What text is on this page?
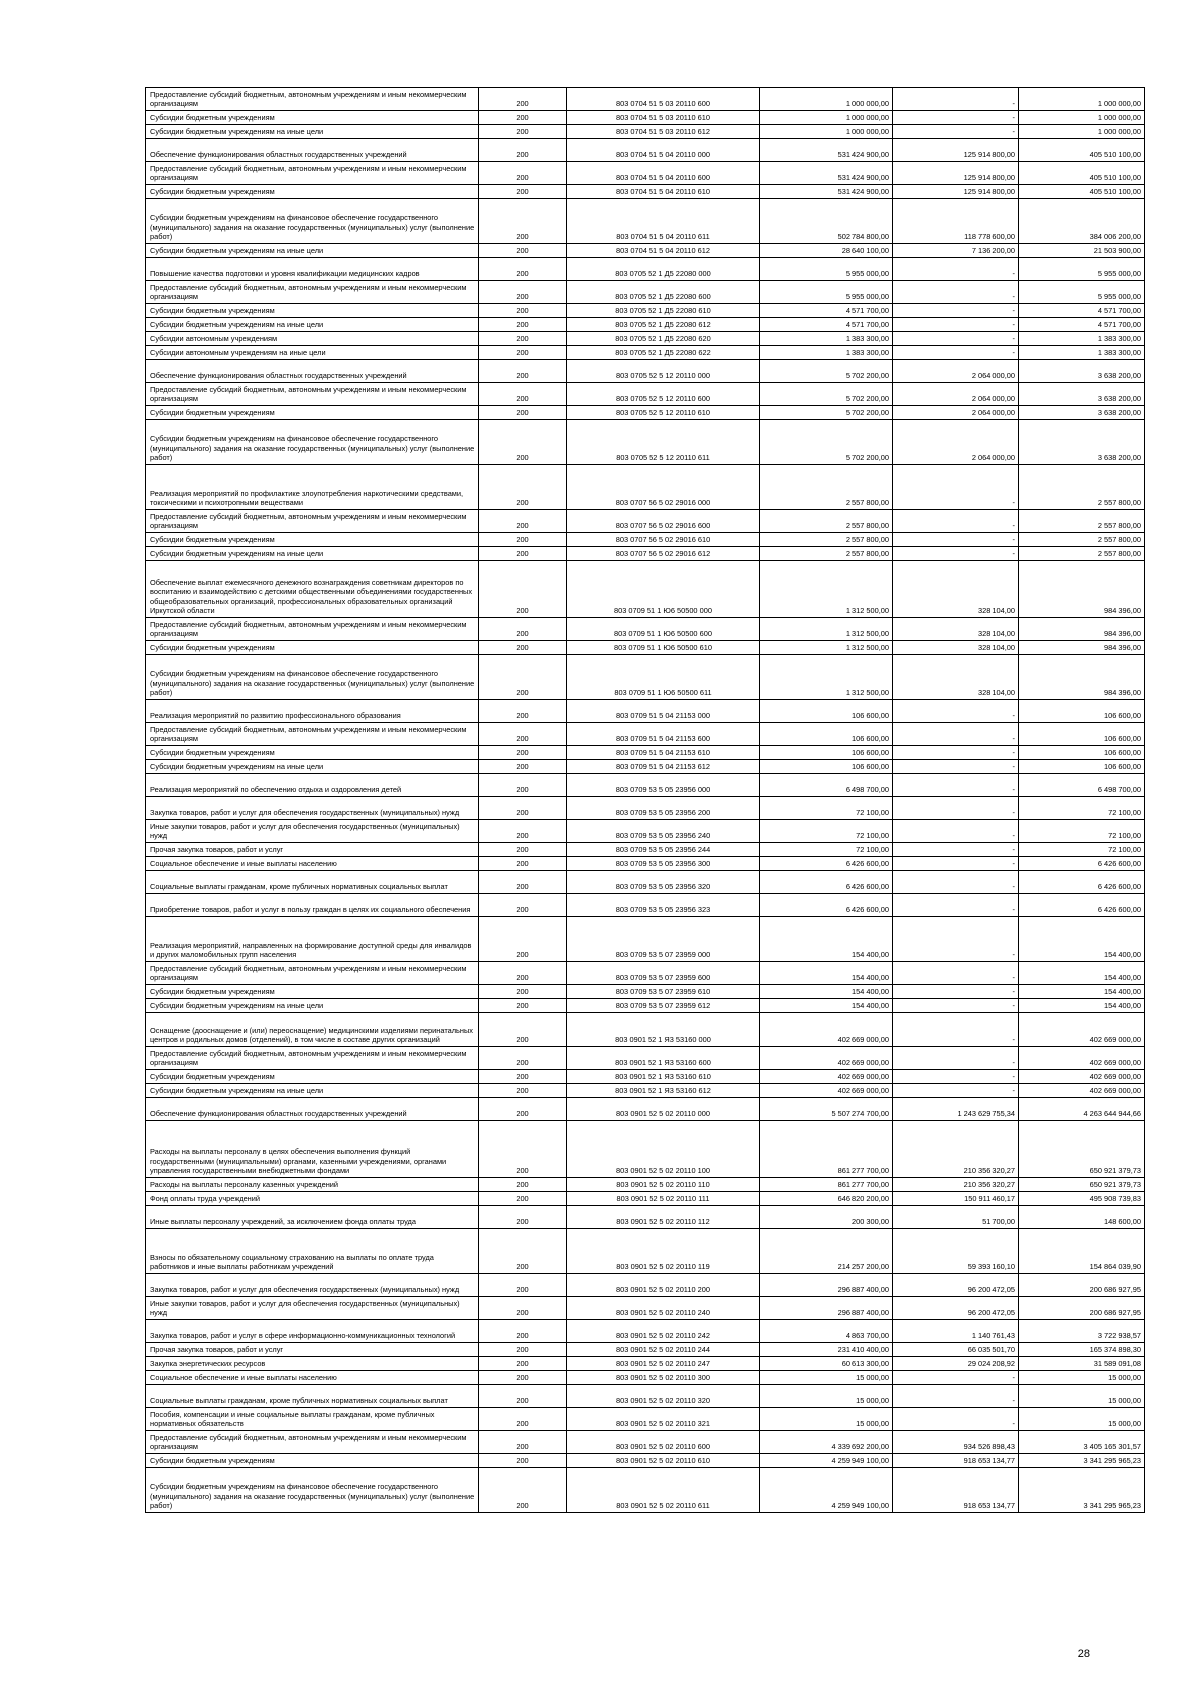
Предоставление субсидий бюджетным, автономным учреждениям и иным некоммерческим организациям	200	803 0704 51 5 03 20110 600	1 000 000,00	-	1 000 000,00
Субсидии бюджетным учреждениям	200	803 0704 51 5 03 20110 610	1 000 000,00	-	1 000 000,00
Субсидии бюджетным учреждениям на иные цели	200	803 0704 51 5 03 20110 612	1 000 000,00	-	1 000 000,00
Обеспечение функционирования областных государственных учреждений	200	803 0704 51 5 04 20110 000	531 424 900,00	125 914 800,00	405 510 100,00
Предоставление субсидий бюджетным, автономным учреждениям и иным некоммерческим организациям	200	803 0704 51 5 04 20110 600	531 424 900,00	125 914 800,00	405 510 100,00
Субсидии бюджетным учреждениям	200	803 0704 51 5 04 20110 610	531 424 900,00	125 914 800,00	405 510 100,00
Субсидии бюджетным учреждениям на финансовое обеспечение государственного (муниципального) задания на оказание государственных (муниципальных) услуг (выполнение работ)	200	803 0704 51 5 04 20110 611	502 784 800,00	118 778 600,00	384 006 200,00
Субсидии бюджетным учреждениям на иные цели	200	803 0704 51 5 04 20110 612	28 640 100,00	7 136 200,00	21 503 900,00
Повышение качества подготовки и уровня квалификации медицинских кадров	200	803 0705 52 1 Д5 22080 000	5 955 000,00	-	5 955 000,00
Предоставление субсидий бюджетным, автономным учреждениям и иным некоммерческим организациям	200	803 0705 52 1 Д5 22080 600	5 955 000,00	-	5 955 000,00
Субсидии бюджетным учреждениям	200	803 0705 52 1 Д5 22080 610	4 571 700,00	-	4 571 700,00
Субсидии бюджетным учреждениям на иные цели	200	803 0705 52 1 Д5 22080 612	4 571 700,00	-	4 571 700,00
Субсидии автономным учреждениям	200	803 0705 52 1 Д5 22080 620	1 383 300,00	-	1 383 300,00
Субсидии автономным учреждениям на иные цели	200	803 0705 52 1 Д5 22080 622	1 383 300,00	-	1 383 300,00
Обеспечение функционирования областных государственных учреждений	200	803 0705 52 5 12 20110 000	5 702 200,00	2 064 000,00	3 638 200,00
Предоставление субсидий бюджетным, автономным учреждениям и иным некоммерческим организациям	200	803 0705 52 5 12 20110 600	5 702 200,00	2 064 000,00	3 638 200,00
Субсидии бюджетным учреждениям	200	803 0705 52 5 12 20110 610	5 702 200,00	2 064 000,00	3 638 200,00
Субсидии бюджетным учреждениям на финансовое обеспечение государственного (муниципального) задания на оказание государственных (муниципальных) услуг (выполнение работ)	200	803 0705 52 5 12 20110 611	5 702 200,00	2 064 000,00	3 638 200,00
Реализация мероприятий по профилактике злоупотребления наркотическими средствами, токсическими и психотропными веществами	200	803 0707 56 5 02 29016 000	2 557 800,00	-	2 557 800,00
Предоставление субсидий бюджетным, автономным учреждениям и иным некоммерческим организациям	200	803 0707 56 5 02 29016 600	2 557 800,00	-	2 557 800,00
Субсидии бюджетным учреждениям	200	803 0707 56 5 02 29016 610	2 557 800,00	-	2 557 800,00
Субсидии бюджетным учреждениям на иные цели	200	803 0707 56 5 02 29016 612	2 557 800,00	-	2 557 800,00
Обеспечение выплат ежемесячного денежного вознаграждения советникам директоров по воспитанию и взаимодействию с детскими общественными объединениями государственных общеобразовательных организаций, профессиональных образовательных организаций Иркутской области	200	803 0709 51 1 Ю6 50500 000	1 312 500,00	328 104,00	984 396,00
Предоставление субсидий бюджетным, автономным учреждениям и иным некоммерческим организациям	200	803 0709 51 1 Ю6 50500 600	1 312 500,00	328 104,00	984 396,00
Субсидии бюджетным учреждениям	200	803 0709 51 1 Ю6 50500 610	1 312 500,00	328 104,00	984 396,00
Субсидии бюджетным учреждениям на финансовое обеспечение государственного (муниципального) задания на оказание государственных (муниципальных) услуг (выполнение работ)	200	803 0709 51 1 Ю6 50500 611	1 312 500,00	328 104,00	984 396,00
Реализация мероприятий по развитию профессионального образования	200	803 0709 51 5 04 21153 000	106 600,00	-	106 600,00
Предоставление субсидий бюджетным, автономным учреждениям и иным некоммерческим организациям	200	803 0709 51 5 04 21153 600	106 600,00	-	106 600,00
Субсидии бюджетным учреждениям	200	803 0709 51 5 04 21153 610	106 600,00	-	106 600,00
Субсидии бюджетным учреждениям на иные цели	200	803 0709 51 5 04 21153 612	106 600,00	-	106 600,00
Реализация мероприятий по обеспечению отдыха и оздоровления детей	200	803 0709 53 5 05 23956 000	6 498 700,00	-	6 498 700,00
Закупка товаров, работ и услуг для обеспечения государственных (муниципальных) нужд	200	803 0709 53 5 05 23956 200	72 100,00	-	72 100,00
Иные закупки товаров, работ и услуг для обеспечения государственных (муниципальных) нужд	200	803 0709 53 5 05 23956 240	72 100,00	-	72 100,00
Прочая закупка товаров, работ и услуг	200	803 0709 53 5 05 23956 244	72 100,00	-	72 100,00
Социальное обеспечение и иные выплаты населению	200	803 0709 53 5 05 23956 300	6 426 600,00	-	6 426 600,00
Социальные выплаты гражданам, кроме публичных нормативных социальных выплат	200	803 0709 53 5 05 23956 320	6 426 600,00	-	6 426 600,00
Приобретение товаров, работ и услуг в пользу граждан в целях их социального обеспечения	200	803 0709 53 5 05 23956 323	6 426 600,00	-	6 426 600,00
Реализация мероприятий, направленных на формирование доступной среды для инвалидов и других маломобильных групп населения	200	803 0709 53 5 07 23959 000	154 400,00	-	154 400,00
Предоставление субсидий бюджетным, автономным учреждениям и иным некоммерческим организациям	200	803 0709 53 5 07 23959 600	154 400,00	-	154 400,00
Субсидии бюджетным учреждениям	200	803 0709 53 5 07 23959 610	154 400,00	-	154 400,00
Субсидии бюджетным учреждениям на иные цели	200	803 0709 53 5 07 23959 612	154 400,00	-	154 400,00
Оснащение (дооснащение и (или) переоснащение) медицинскими изделиями перинатальных центров и родильных домов (отделений), в том числе в составе других организаций	200	803 0901 52 1 Я3 53160 000	402 669 000,00	-	402 669 000,00
Предоставление субсидий бюджетным, автономным учреждениям и иным некоммерческим организациям	200	803 0901 52 1 Я3 53160 600	402 669 000,00	-	402 669 000,00
Субсидии бюджетным учреждениям	200	803 0901 52 1 Я3 53160 610	402 669 000,00	-	402 669 000,00
Субсидии бюджетным учреждениям на иные цели	200	803 0901 52 1 Я3 53160 612	402 669 000,00	-	402 669 000,00
Обеспечение функционирования областных государственных учреждений	200	803 0901 52 5 02 20110 000	5 507 274 700,00	1 243 629 755,34	4 263 644 944,66
Расходы на выплаты персоналу в целях обеспечения выполнения функций государственными (муниципальными) органами, казенными учреждениями, органами управления государственными внебюджетными фондами	200	803 0901 52 5 02 20110 100	861 277 700,00	210 356 320,27	650 921 379,73
Расходы на выплаты персоналу казенных учреждений	200	803 0901 52 5 02 20110 110	861 277 700,00	210 356 320,27	650 921 379,73
Фонд оплаты труда учреждений	200	803 0901 52 5 02 20110 111	646 820 200,00	150 911 460,17	495 908 739,83
Иные выплаты персоналу учреждений, за исключением фонда оплаты труда	200	803 0901 52 5 02 20110 112	200 300,00	51 700,00	148 600,00
Взносы по обязательному социальному страхованию на выплаты по оплате труда работников и иные выплаты работникам учреждений	200	803 0901 52 5 02 20110 119	214 257 200,00	59 393 160,10	154 864 039,90
Закупка товаров, работ и услуг для обеспечения государственных (муниципальных) нужд	200	803 0901 52 5 02 20110 200	296 887 400,00	96 200 472,05	200 686 927,95
Иные закупки товаров, работ и услуг для обеспечения государственных (муниципальных) нужд	200	803 0901 52 5 02 20110 240	296 887 400,00	96 200 472,05	200 686 927,95
Закупка товаров, работ и услуг в сфере информационно-коммуникационных технологий	200	803 0901 52 5 02 20110 242	4 863 700,00	1 140 761,43	3 722 938,57
Прочая закупка товаров, работ и услуг	200	803 0901 52 5 02 20110 244	231 410 400,00	66 035 501,70	165 374 898,30
Закупка энергетических ресурсов	200	803 0901 52 5 02 20110 247	60 613 300,00	29 024 208,92	31 589 091,08
Социальное обеспечение и иные выплаты населению	200	803 0901 52 5 02 20110 300	15 000,00	-	15 000,00
Социальные выплаты гражданам, кроме публичных нормативных социальных выплат	200	803 0901 52 5 02 20110 320	15 000,00	-	15 000,00
Пособия, компенсации и иные социальные выплаты гражданам, кроме публичных нормативных обязательств	200	803 0901 52 5 02 20110 321	15 000,00	-	15 000,00
Предоставление субсидий бюджетным, автономным учреждениям и иным некоммерческим организациям	200	803 0901 52 5 02 20110 600	4 339 692 200,00	934 526 898,43	3 405 165 301,57
Субсидии бюджетным учреждениям	200	803 0901 52 5 02 20110 610	4 259 949 100,00	918 653 134,77	3 341 295 965,23
Субсидии бюджетным учреждениям на финансовое обеспечение государственного (муниципального) задания на оказание государственных (муниципальных) услуг (выполнение работ)	200	803 0901 52 5 02 20110 611	4 259 949 100,00	918 653 134,77	3 341 295 965,23
28
